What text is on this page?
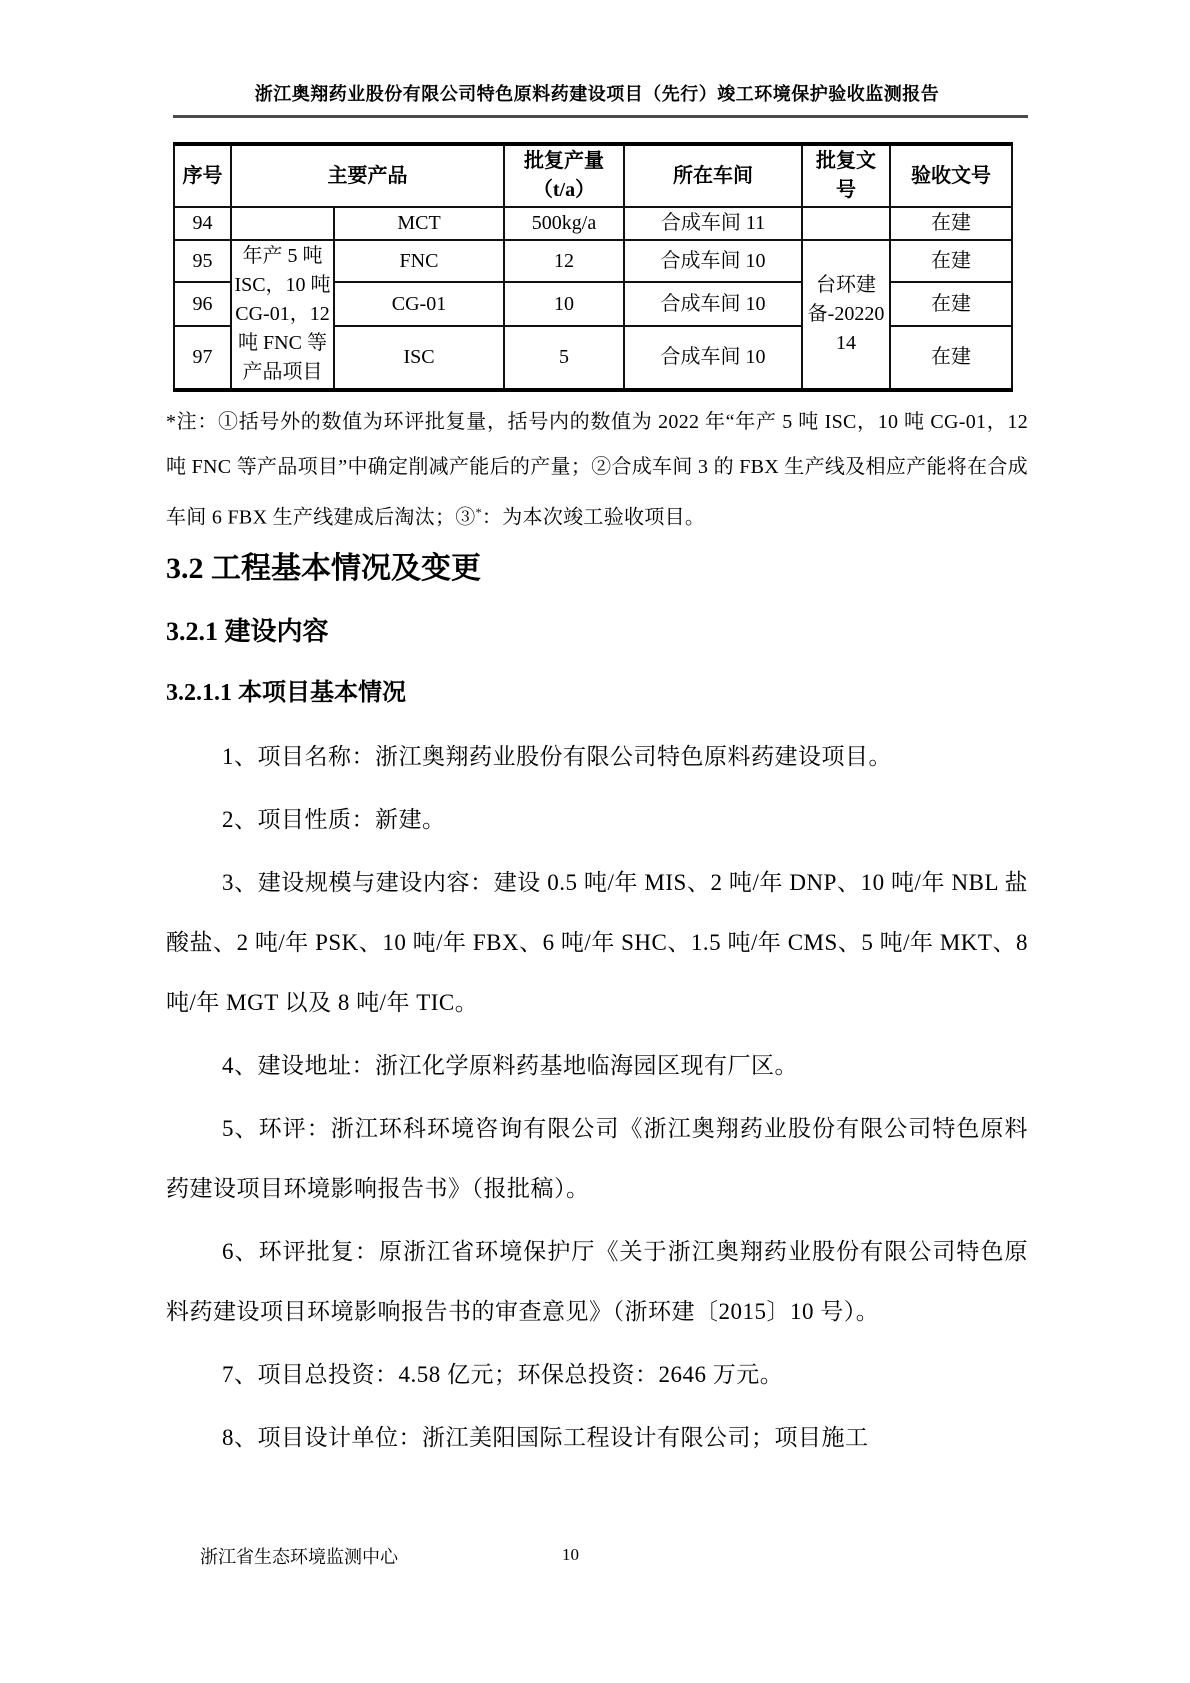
浙江奥翔药业股份有限公司特色原料药建设项目（先行）竣工环境保护验收监测报告
序号	主要产品		批复产量（t/a）	所在车间	批复文号	验收文号
94		MCT	500kg/a	合成车间 11		在建
95	年产 5 吨 ISC，10 吨 CG-01，12 吨 FNC 等产品项目	FNC	12	合成车间 10	台环建备-2022014	在建
96		CG-01	10	合成车间 10		在建
97		ISC	5	合成车间 10		在建

*注：①括号外的数值为环评批复量，括号内的数值为 2022 年“年产 5 吨 ISC，10 吨 CG-01，12 吨 FNC 等产品项目”中确定削减产能后的产量；②合成车间 3 的 FBX 生产线及相应产能将在合成车间 6 FBX 生产线建成后淘汰；③*：为本次竣工验收项目。

3.2 工程基本情况及变更
3.2.1 建设内容
3.2.1.1 本项目基本情况

1、项目名称：浙江奥翔药业股份有限公司特色原料药建设项目。

2、项目性质：新建。

3、建设规模与建设内容：建设 0.5 吨/年 MIS、2 吨/年 DNP、10 吨/年 NBL 盐酸盐、2 吨/年 PSK、10 吨/年 FBX、6 吨/年 SHC、1.5 吨/年 CMS、5 吨/年 MKT、8 吨/年 MGT 以及 8 吨/年 TIC。

4、建设地址：浙江化学原料药基地临海园区现有厂区。

5、环评：浙江环科环境咨询有限公司《浙江奥翔药业股份有限公司特色原料药建设项目环境影响报告书》（报批稿）。

6、环评批复：原浙江省环境保护厅《关于浙江奥翔药业股份有限公司特色原料药建设项目环境影响报告书的审查意见》（浙环建〔2015〕10 号）。

7、项目总投资：4.58 亿元；环保总投资：2646 万元。

8、项目设计单位：浙江美阳国际工程设计有限公司；项目施工

浙江省生态环境监测中心	10
